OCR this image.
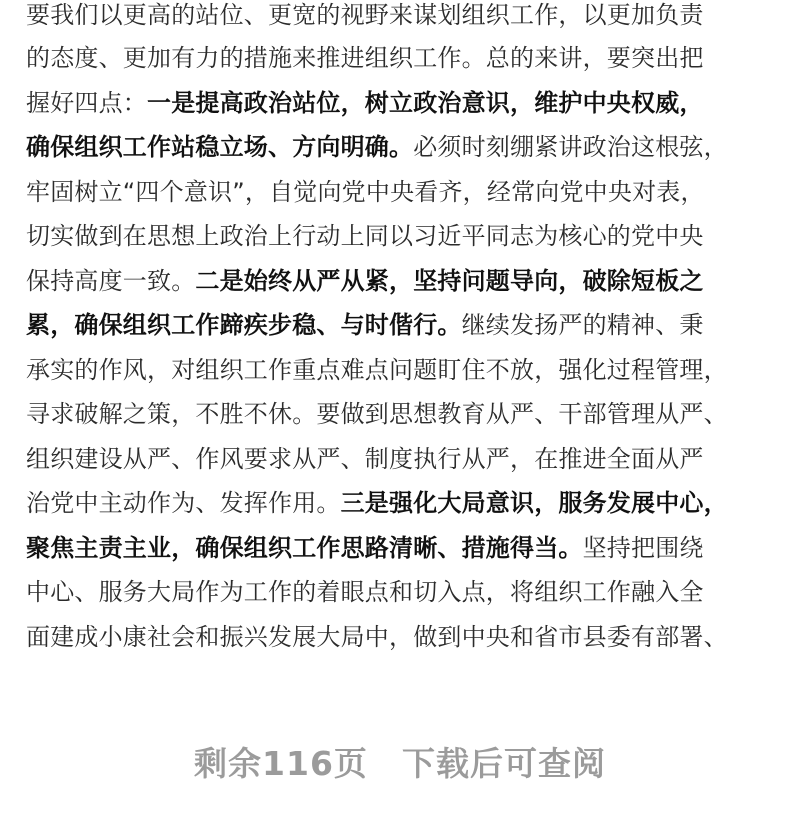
要我们以更高的站位、更宽的视野来谋划组织工作，以更加负责
的态度、更加有力的措施来推进组织工作。总的来讲，要突出把
握好四点：一是提高政治站位，树立政治意识，维护中央权威，
确保组织工作站稳立场、方向明确。必须时刻绷紧讲政治这根弦，
牢固树立“四个意识”，自觉向党中央看齐，经常向党中央对表，
切实做到在思想上政治上行动上同以习近平同志为核心的党中央
保持高度一致。二是始终从严从紧，坚持问题导向，破除短板之
累，确保组织工作蹄疾步稳、与时偕行。继续发扬严的精神、秉
承实的作风，对组织工作重点难点问题盯住不放，强化过程管理，
寻求破解之策，不胜不休。要做到思想教育从严、干部管理从严、
组织建设从严、作风要求从严、制度执行从严，在推进全面从严
治党中主动作为、发挥作用。三是强化大局意识，服务发展中心，
聚焦主责主业，确保组织工作思路清晰、措施得当。坚持把围绕
中心、服务大局作为工作的着眼点和切入点，将组织工作融入全
面建成小康社会和振兴发展大局中，做到中央和省市县委有部署、
剩余116页 下载后可查阅
